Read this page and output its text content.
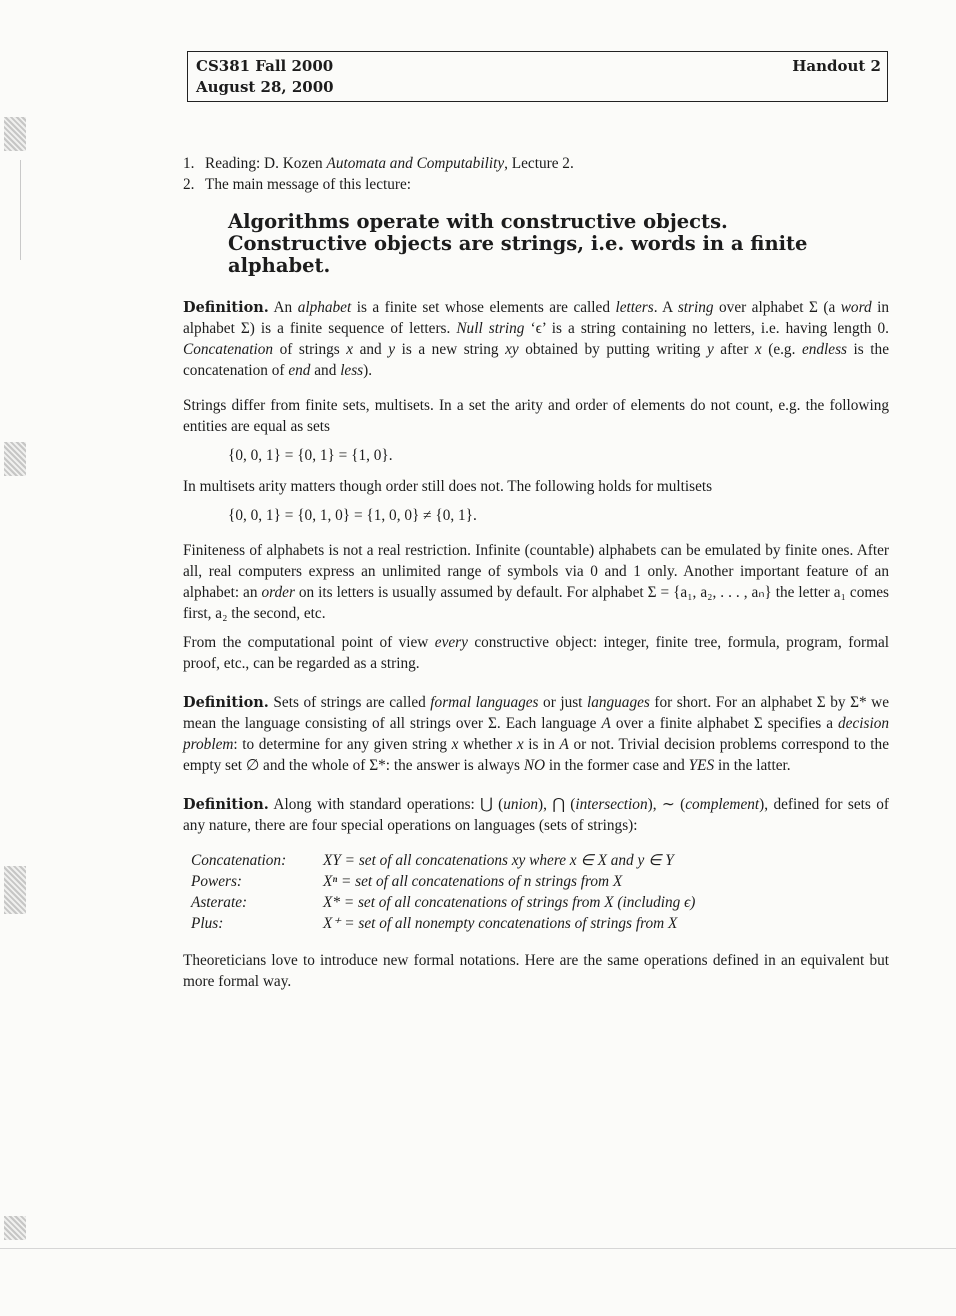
CS381 Fall 2000
August 28, 2000
Handout 2

1. Reading: D. Kozen Automata and Computability, Lecture 2.

2. The main message of this lecture:

Algorithms operate with constructive objects. Constructive objects are strings, i.e. words in a finite alphabet.

Definition. An alphabet is a finite set whose elements are called letters. A string over alphabet Σ (a word in alphabet Σ) is a finite sequence of letters. Null string ‘ϵ’ is a string containing no letters, i.e. having length 0. Concatenation of strings x and y is a new string xy obtained by putting writing y after x (e.g. endless is the concatenation of end and less).

Strings differ from finite sets, multisets. In a set the arity and order of elements do not count, e.g. the following entities are equal as sets

{0, 0, 1} = {0, 1} = {1, 0}.

In multisets arity matters though order still does not. The following holds for multisets

{0, 0, 1} = {0, 1, 0} = {1, 0, 0} ≠ {0, 1}.

Finiteness of alphabets is not a real restriction. Infinite (countable) alphabets can be emulated by finite ones. After all, real computers express an unlimited range of symbols via 0 and 1 only. Another important feature of an alphabet: an order on its letters is usually assumed by default. For alphabet Σ = {a₁, a₂, . . . , aₙ} the letter a₁ comes first, a₂ the second, etc.

From the computational point of view every constructive object: integer, finite tree, formula, program, formal proof, etc., can be regarded as a string.

Definition. Sets of strings are called formal languages or just languages for short. For an alphabet Σ by Σ* we mean the language consisting of all strings over Σ. Each language A over a finite alphabet Σ specifies a decision problem: to determine for any given string x whether x is in A or not. Trivial decision problems correspond to the empty set ∅ and the whole of Σ*: the answer is always NO in the former case and YES in the latter.

Definition. Along with standard operations: ⋃ (union), ⋂ (intersection), ∼ (complement), defined for sets of any nature, there are four special operations on languages (sets of strings):

Concatenation:	XY = set of all concatenations xy where x ∈ X and y ∈ Y
Powers:	Xⁿ = set of all concatenations of n strings from X
Asterate:	X* = set of all concatenations of strings from X (including ϵ)
Plus:	X⁺ = set of all nonempty concatenations of strings from X

Theoreticians love to introduce new formal notations. Here are the same operations defined in an equivalent but more formal way.
